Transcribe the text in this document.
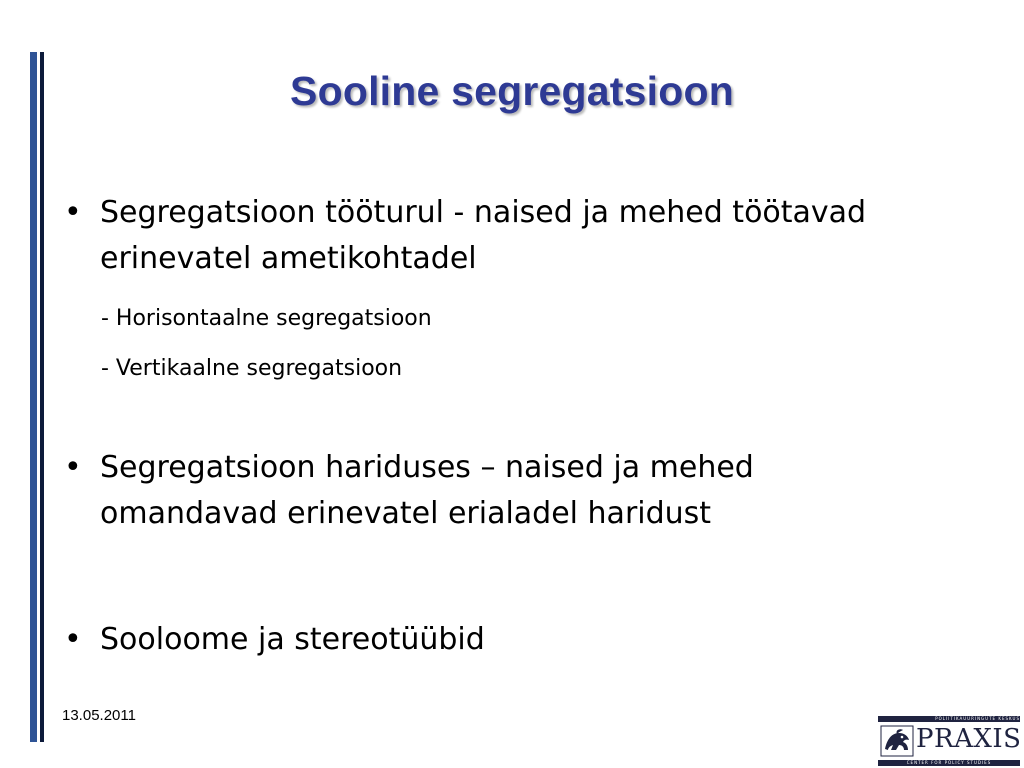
Sooline segregatsioon
• Segregatsioon tööturul - naised ja mehed töötavad erinevatel ametikohtadel
- Horisontaalne segregatsioon
- Vertikaalne segregatsioon
• Segregatsioon hariduses – naised ja mehed omandavad erinevatel erialadel haridust
• Sooloome ja stereotüübid
13.05.2011	POLIITIKAUURINGUTE KESKUS
PRAXIS
CENTER FOR POLICY STUDIES
